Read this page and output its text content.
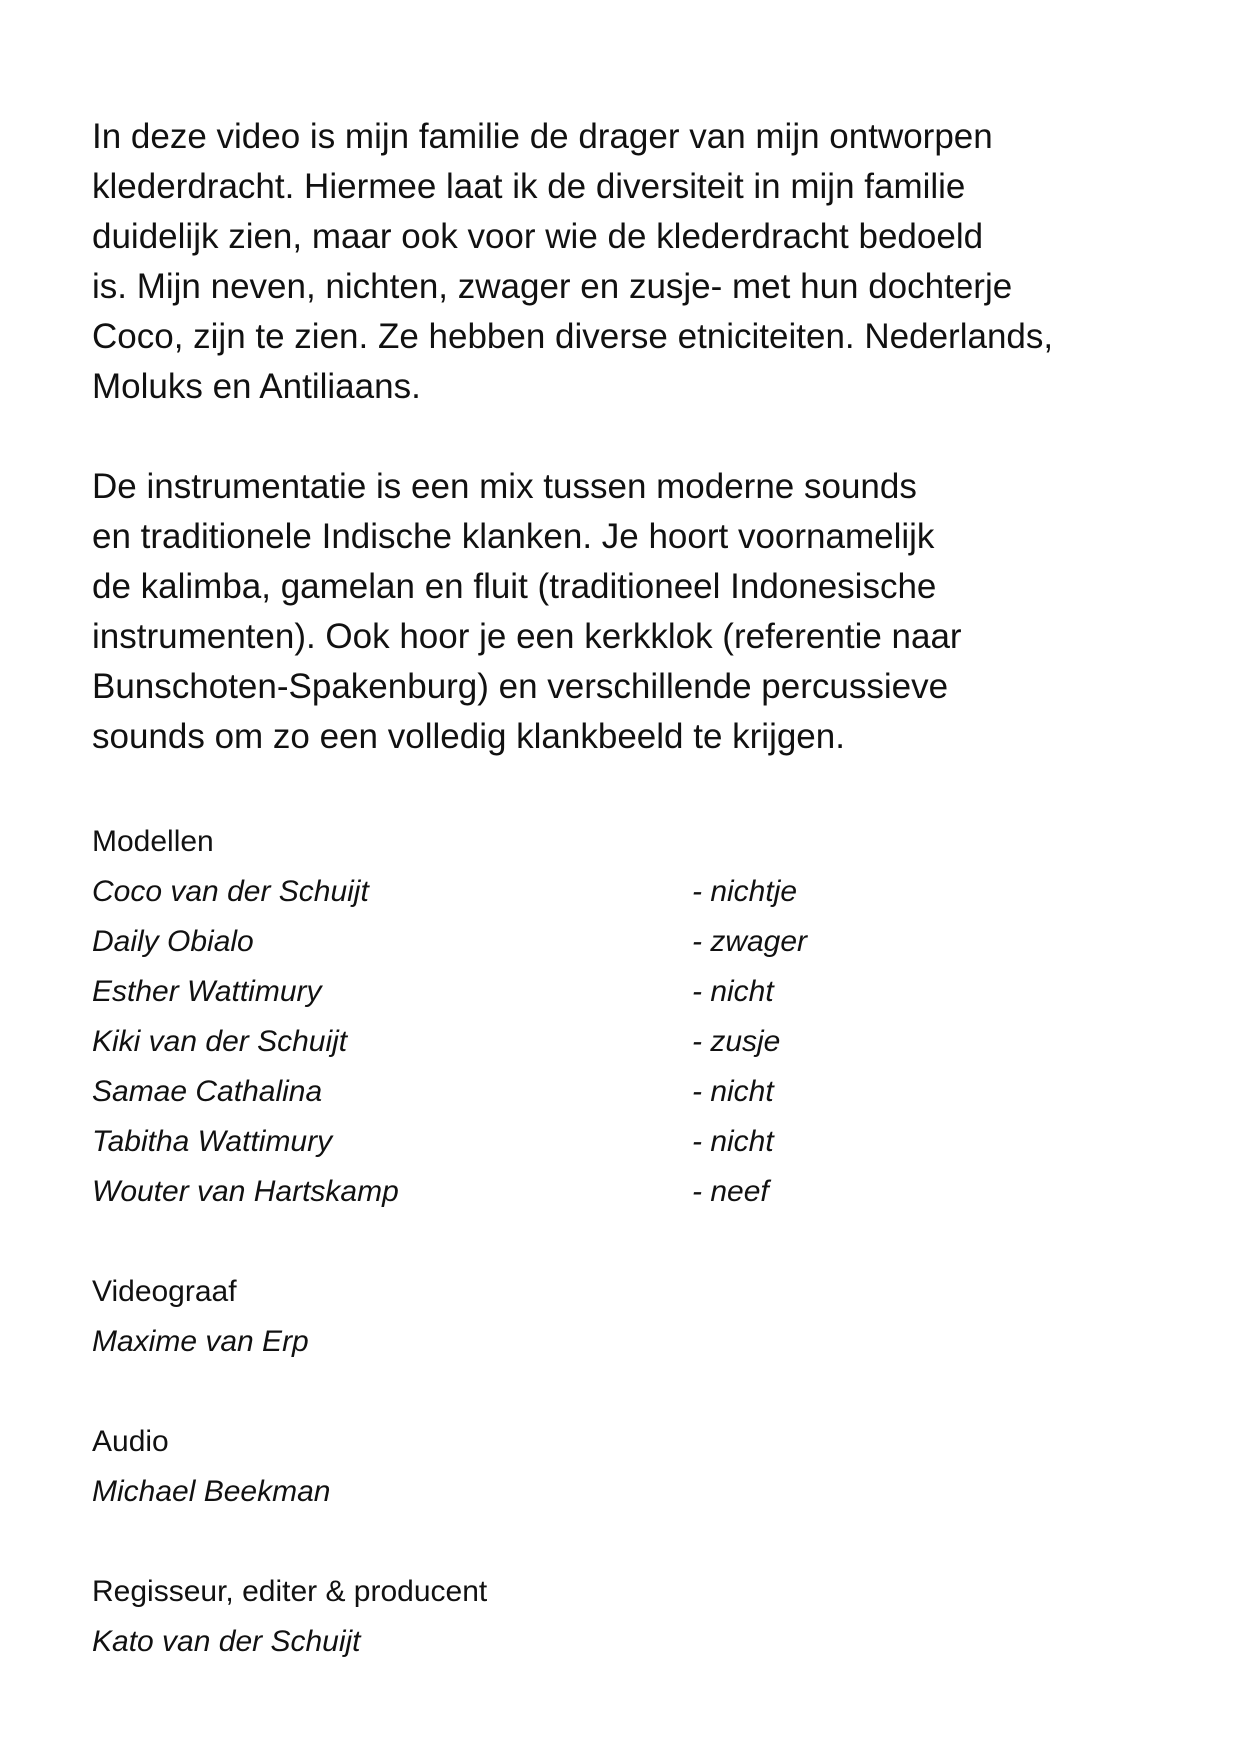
In deze video is mijn familie de drager van mijn ontworpen
klederdracht. Hiermee laat ik de diversiteit in mijn familie
duidelijk zien, maar ook voor wie de klederdracht bedoeld
is. Mijn neven, nichten, zwager en zusje- met hun dochterje
Coco, zijn te zien. Ze hebben diverse etniciteiten. Nederlands,
Moluks en Antiliaans.

De instrumentatie is een mix tussen moderne sounds
en traditionele Indische klanken. Je hoort voornamelijk
de kalimba, gamelan en fluit (traditioneel Indonesische
instrumenten). Ook hoor je een kerkklok (referentie naar
Bunschoten-Spakenburg) en verschillende percussieve
sounds om zo een volledig klankbeeld te krijgen.

Modellen
Coco van der Schuijt	- nichtje
Daily Obialo	- zwager
Esther Wattimury	- nicht
Kiki van der Schuijt	- zusje
Samae Cathalina	- nicht
Tabitha Wattimury	- nicht
Wouter van Hartskamp	- neef
Videograaf
Maxime van Erp
Audio
Michael Beekman
Regisseur, editer & producent
Kato van der Schuijt
